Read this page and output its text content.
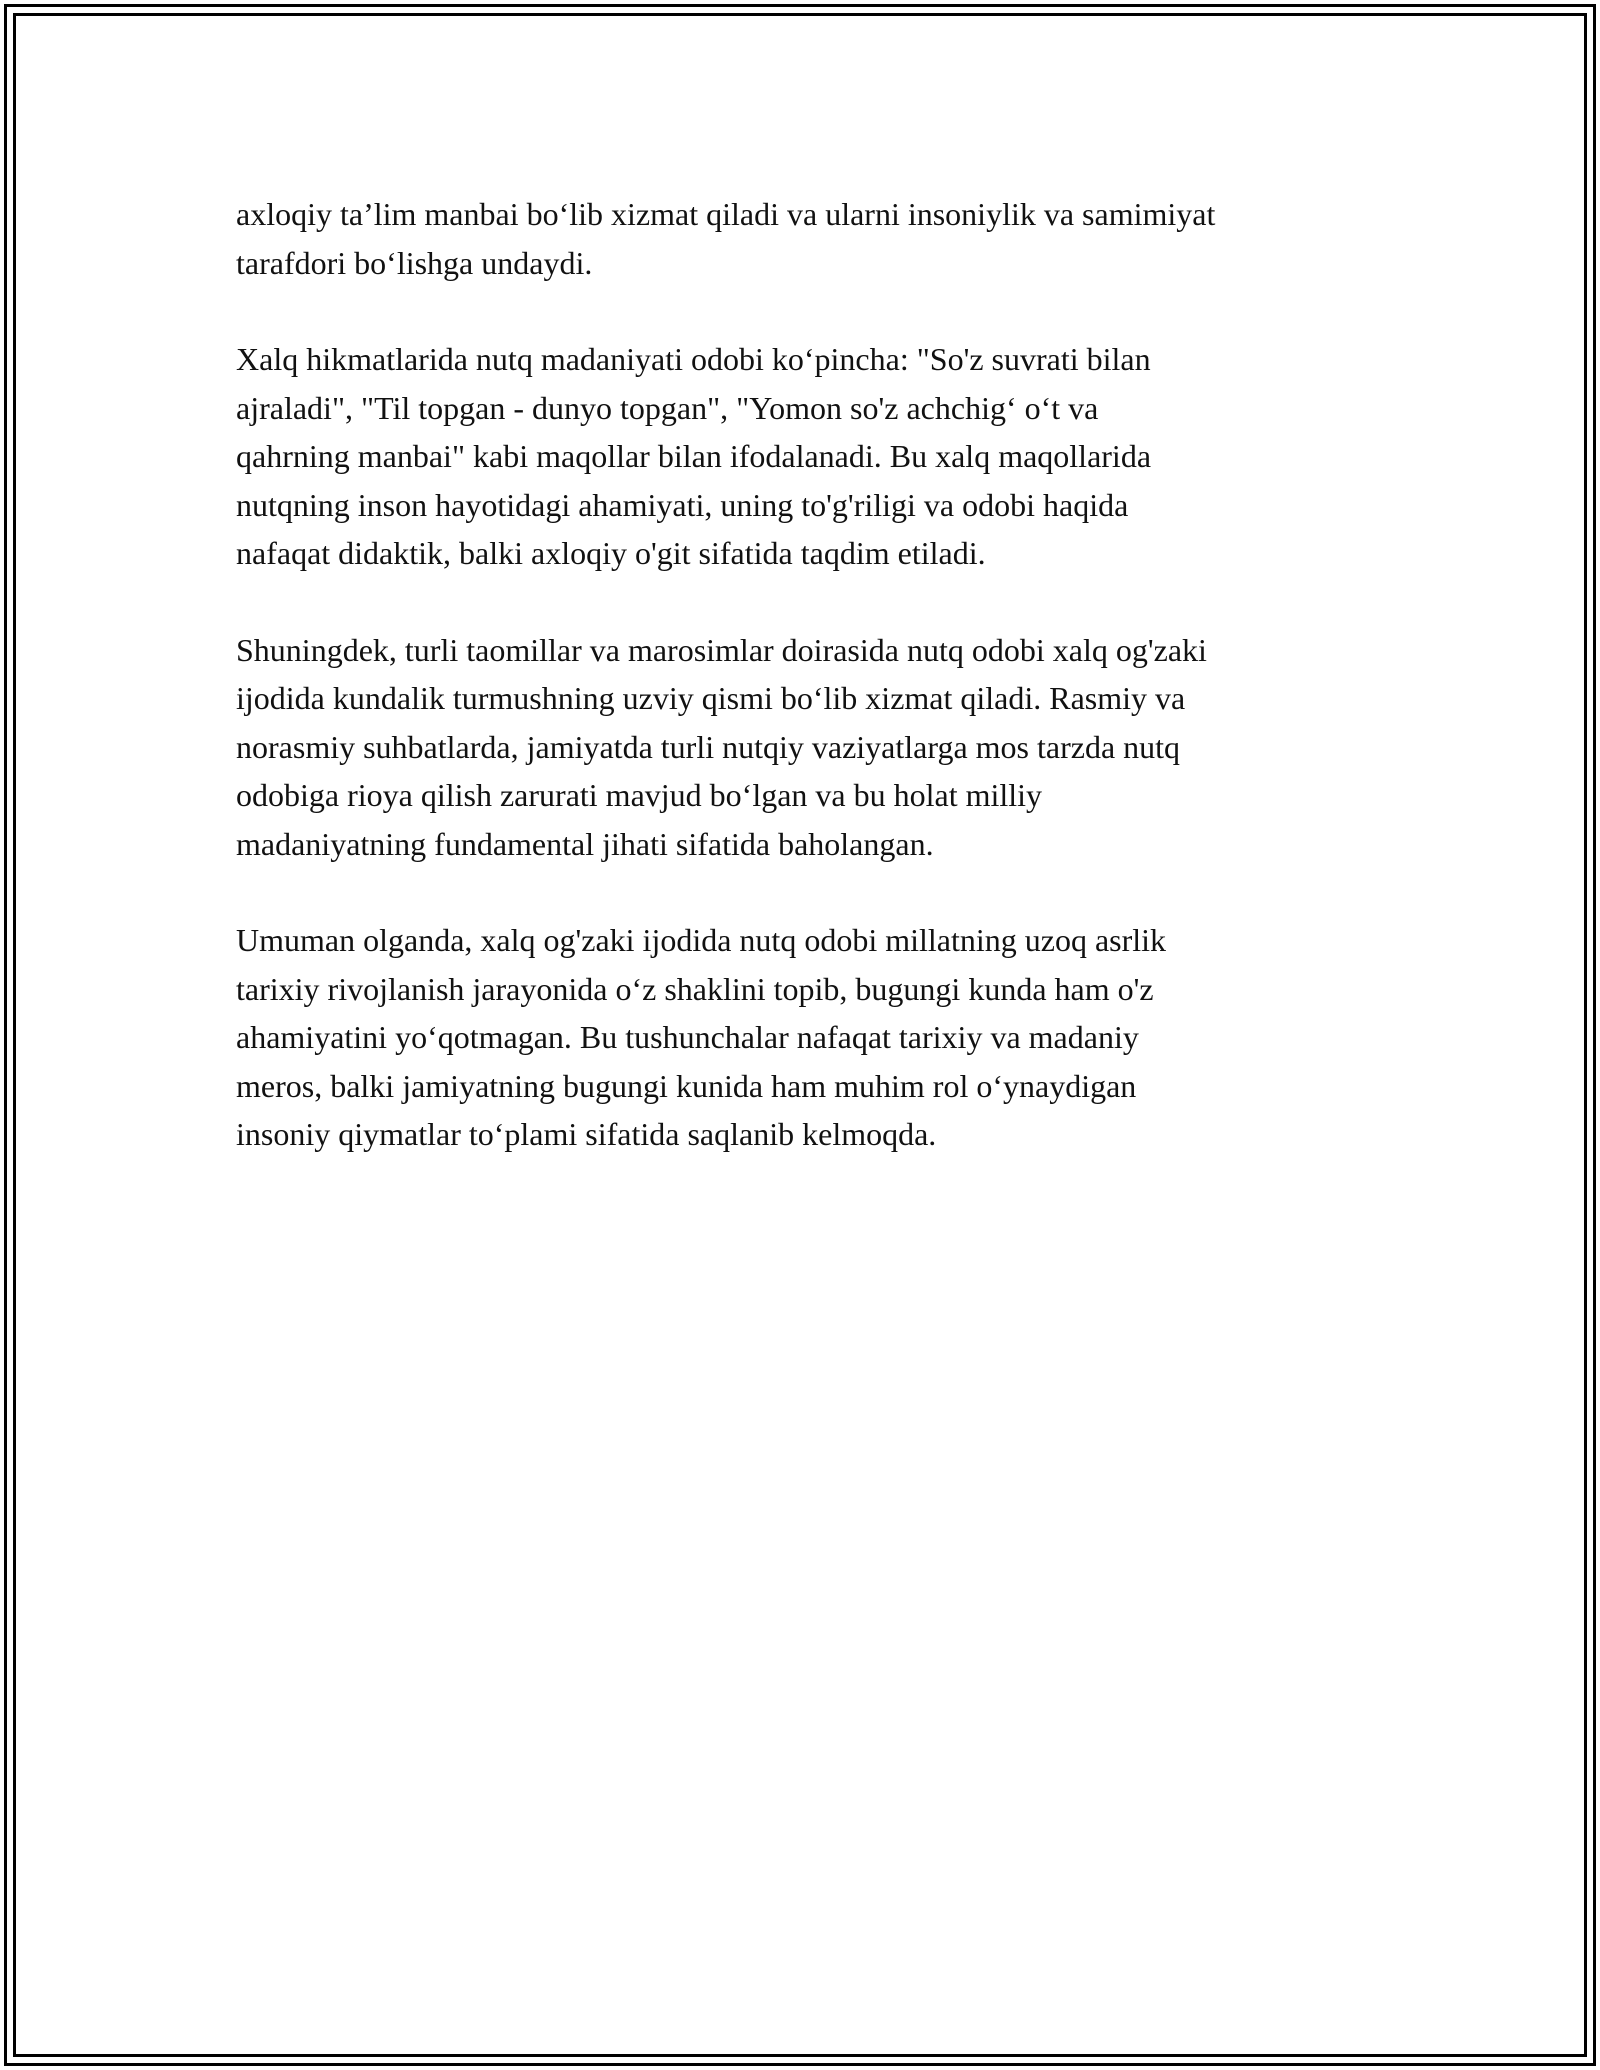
axloqiy ta’lim manbai bo‘lib xizmat qiladi va ularni insoniylik va samimiyat
tarafdori bo‘lishga undaydi.

Xalq hikmatlarida nutq madaniyati odobi ko‘pincha: "So'z suvrati bilan
ajraladi", "Til topgan - dunyo topgan", "Yomon so'z achchig‘ o‘t va
qahrning manbai" kabi maqollar bilan ifodalanadi. Bu xalq maqollarida
nutqning inson hayotidagi ahamiyati, uning to'g'riligi va odobi haqida
nafaqat didaktik, balki axloqiy o'git sifatida taqdim etiladi.

Shuningdek, turli taomillar va marosimlar doirasida nutq odobi xalq og'zaki
ijodida kundalik turmushning uzviy qismi bo‘lib xizmat qiladi. Rasmiy va
norasmiy suhbatlarda, jamiyatda turli nutqiy vaziyatlarga mos tarzda nutq
odobiga rioya qilish zarurati mavjud bo‘lgan va bu holat milliy
madaniyatning fundamental jihati sifatida baholangan.

Umuman olganda, xalq og'zaki ijodida nutq odobi millatning uzoq asrlik
tarixiy rivojlanish jarayonida o‘z shaklini topib, bugungi kunda ham o'z
ahamiyatini yo‘qotmagan. Bu tushunchalar nafaqat tarixiy va madaniy
meros, balki jamiyatning bugungi kunida ham muhim rol o‘ynaydigan
insoniy qiymatlar to‘plami sifatida saqlanib kelmoqda.
